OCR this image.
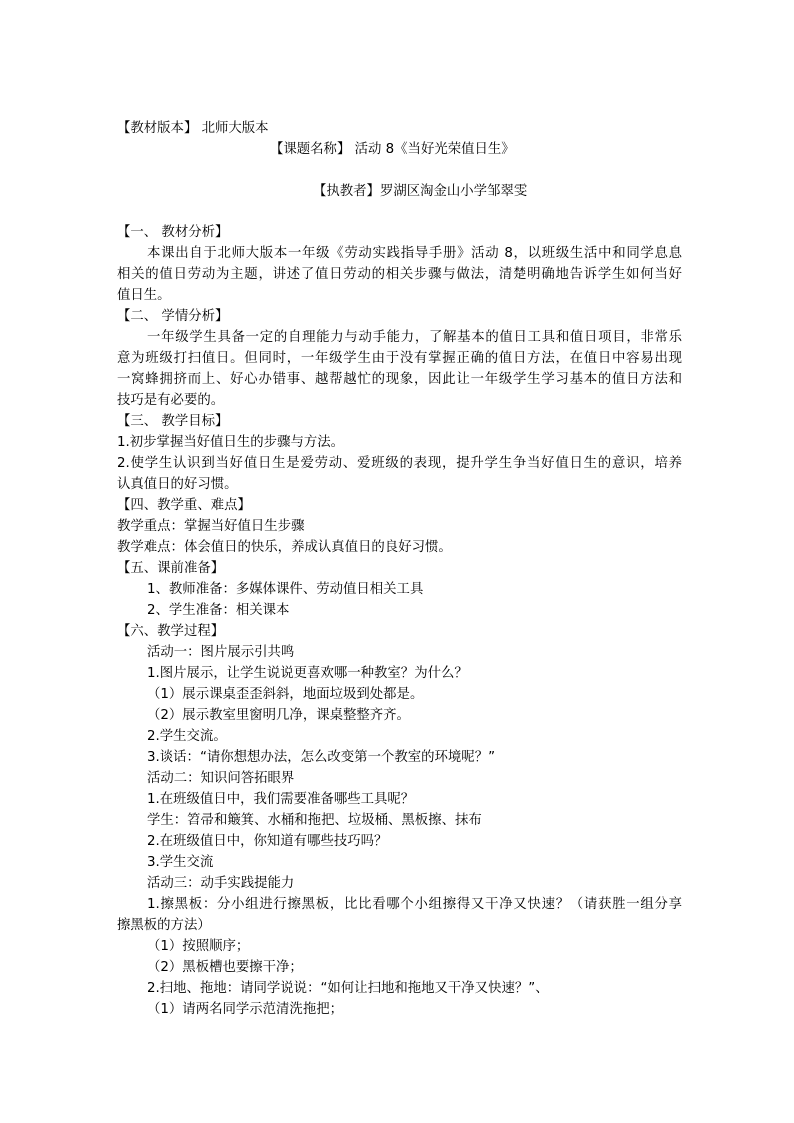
【教材版本】 北师大版本
【课题名称】 活动 8《当好光荣值日生》
【执教者】罗湖区淘金山小学邹翠雯
【一、 教材分析】
本课出自于北师大版本一年级《劳动实践指导手册》活动 8，以班级生活中和同学息息
相关的值日劳动为主题，讲述了值日劳动的相关步骤与做法，清楚明确地告诉学生如何当好
值日生。
【二、 学情分析】
一年级学生具备一定的自理能力与动手能力，了解基本的值日工具和值日项目，非常乐
意为班级打扫值日。但同时，一年级学生由于没有掌握正确的值日方法，在值日中容易出现
一窝蜂拥挤而上、好心办错事、越帮越忙的现象，因此让一年级学生学习基本的值日方法和
技巧是有必要的。
【三、 教学目标】
1.初步掌握当好值日生的步骤与方法。
2.使学生认识到当好值日生是爱劳动、爱班级的表现，提升学生争当好值日生的意识，培养
认真值日的好习惯。
【四、教学重、难点】
教学重点：掌握当好值日生步骤
教学难点：体会值日的快乐，养成认真值日的良好习惯。
【五、课前准备】
1、教师准备：多媒体课件、劳动值日相关工具
2、学生准备：相关课本
【六、教学过程】
活动一：图片展示引共鸣
1.图片展示，让学生说说更喜欢哪一种教室？为什么？
（1）展示课桌歪歪斜斜，地面垃圾到处都是。
（2）展示教室里窗明几净，课桌整整齐齐。
2.学生交流。
3.谈话：“请你想想办法，怎么改变第一个教室的环境呢？”
活动二：知识问答拓眼界
1.在班级值日中，我们需要准备哪些工具呢？
学生：笤帚和簸箕、水桶和拖把、垃圾桶、黑板擦、抹布
2.在班级值日中，你知道有哪些技巧吗？
3.学生交流
活动三：动手实践提能力
1.擦黑板：分小组进行擦黑板，比比看哪个小组擦得又干净又快速？（请获胜一组分享
擦黑板的方法）
（1）按照顺序；
（2）黑板槽也要擦干净；
2.扫地、拖地：请同学说说：“如何让扫地和拖地又干净又快速？”、
（1）请两名同学示范清洗拖把；
